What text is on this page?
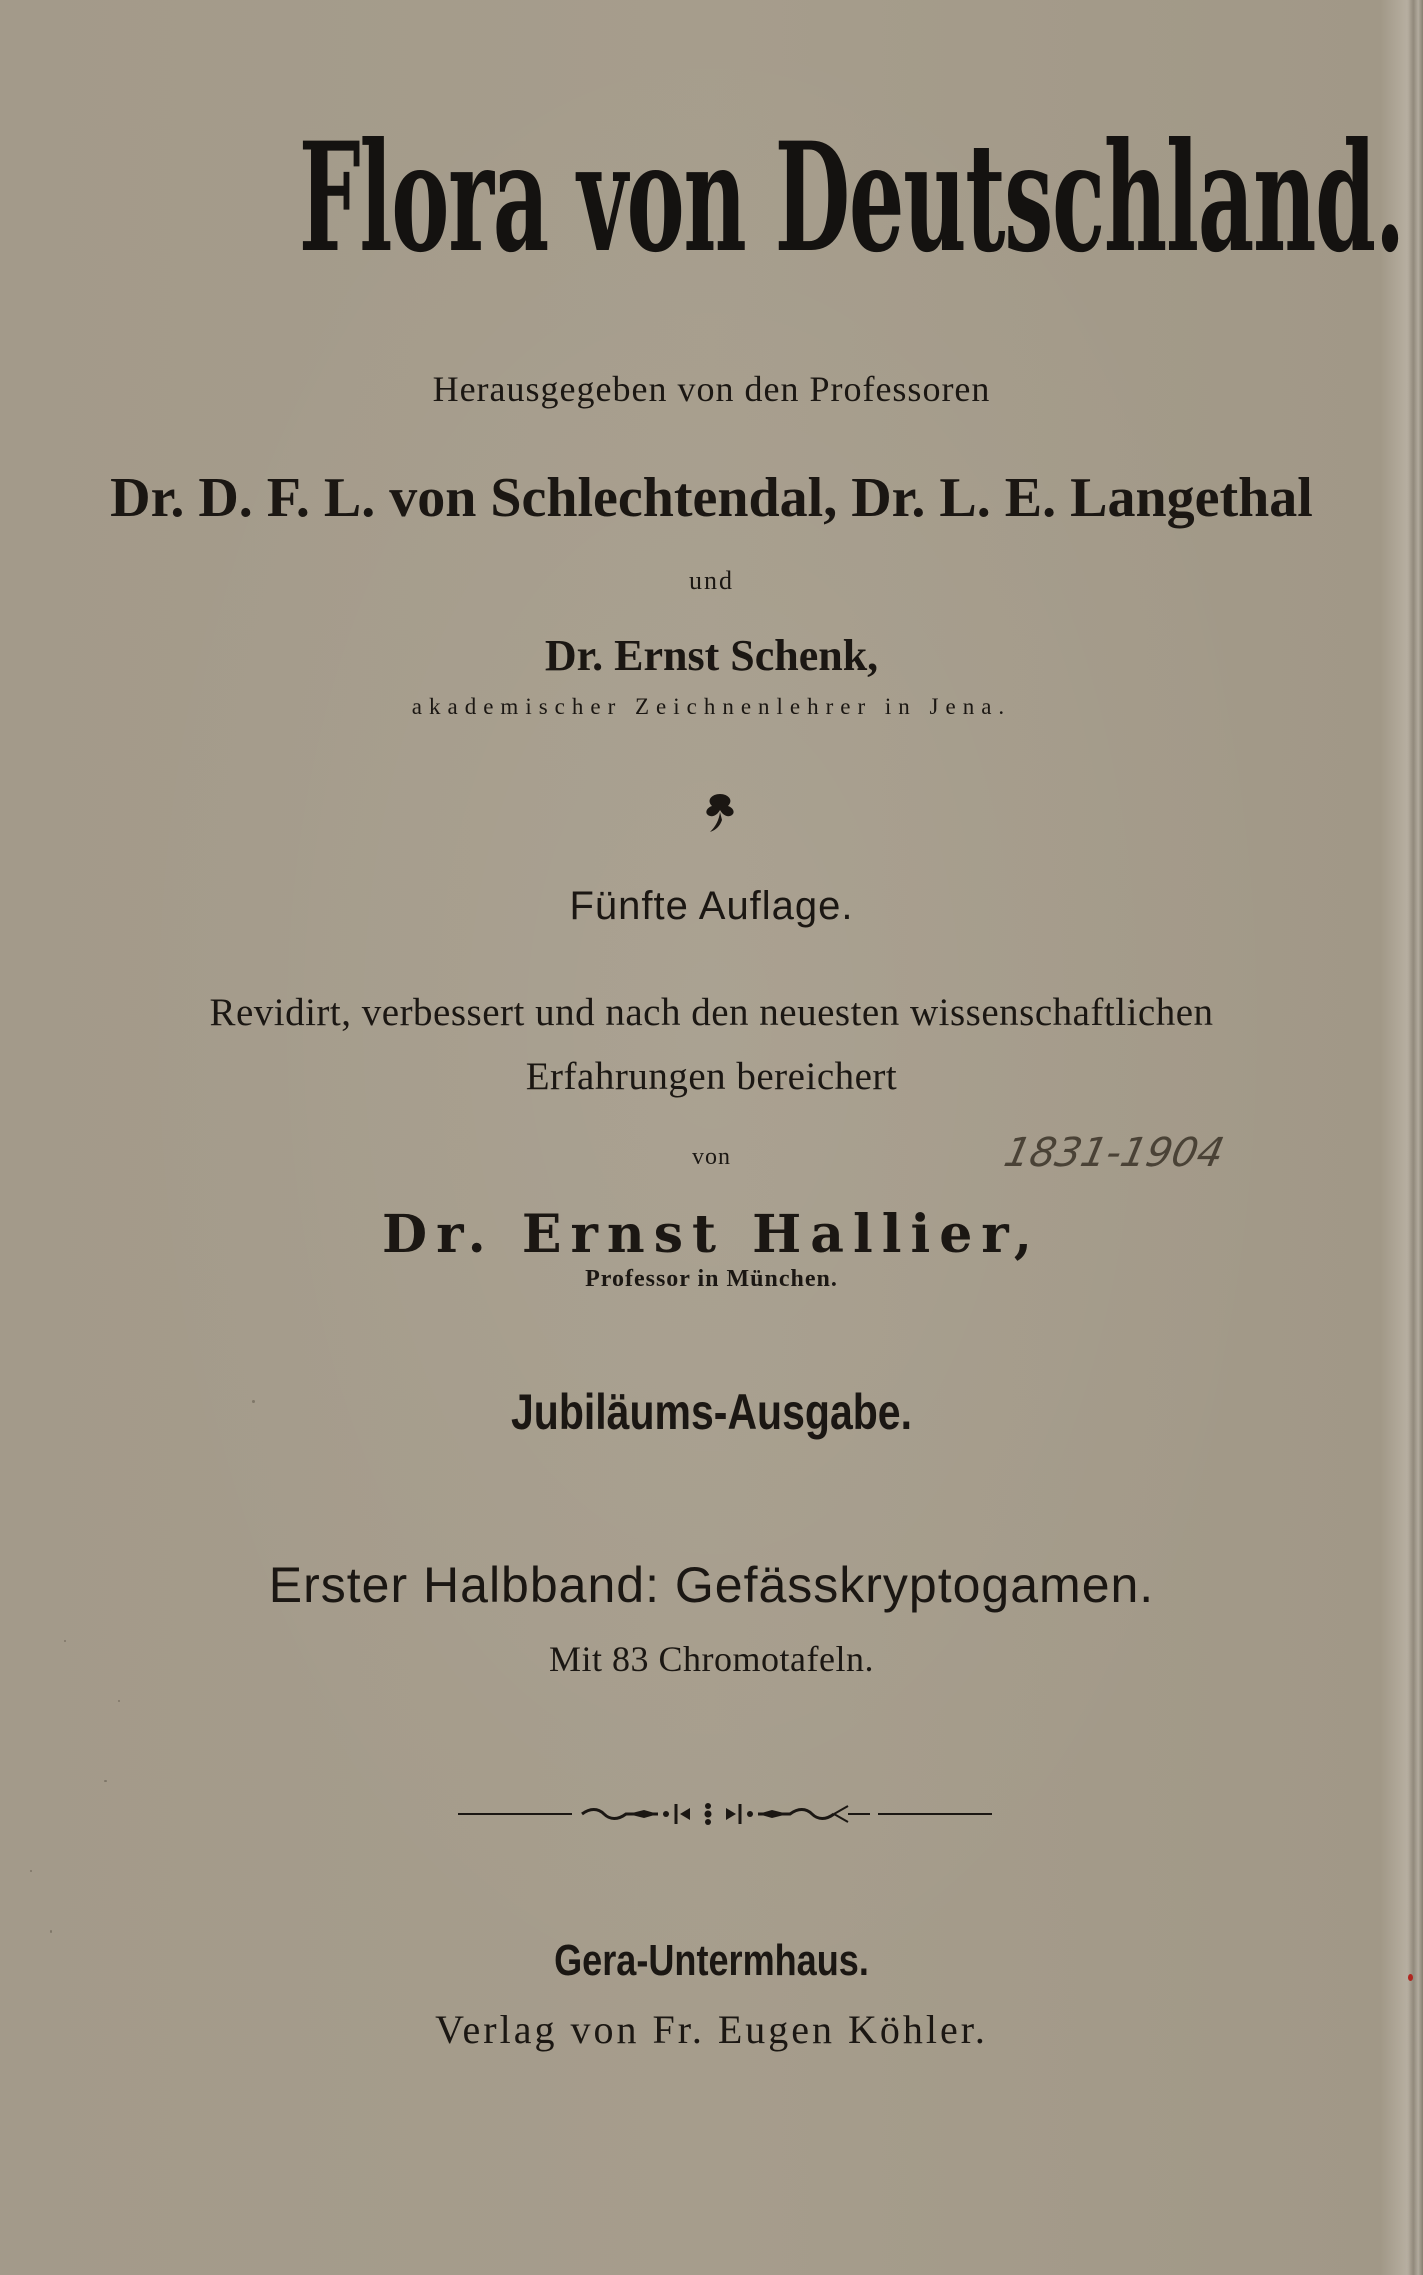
Flora von Deutschland.
Herausgegeben von den Professoren
Dr. D. F. L. von Schlechtendal, Dr. L. E. Langethal
und
Dr. Ernst Schenk,
akademischer Zeichnenlehrer in Jena.
Fünfte Auflage.
Revidirt, verbessert und nach den neuesten wissenschaftlichen
Erfahrungen bereichert
von	1831-1904
Dr. Ernst Hallier,
Professor in München.
Jubiläums-Ausgabe.
Erster Halbband: Gefässkryptogamen.
Mit 83 Chromotafeln.
Gera-Untermhaus.
Verlag von Fr. Eugen Köhler.
